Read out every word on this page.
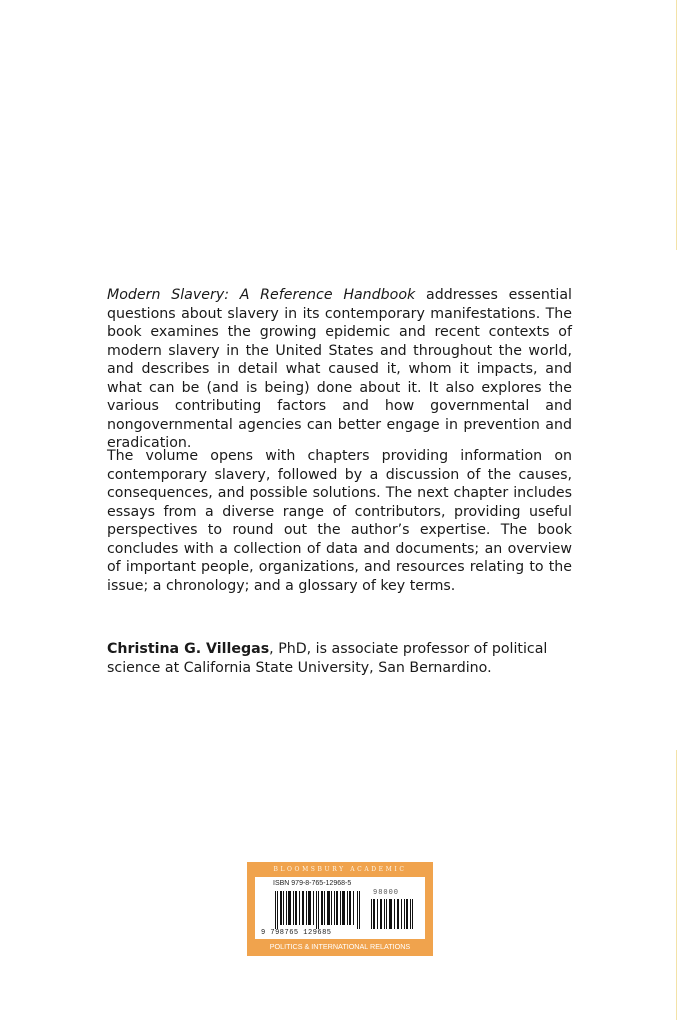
Modern Slavery: A Reference Handbook addresses essential questions about slavery in its contemporary manifestations. The book examines the growing epidemic and recent contexts of modern slavery in the United States and throughout the world, and describes in detail what caused it, whom it impacts, and what can be (and is being) done about it. It also explores the various contributing factors and how governmental and nongovernmental agencies can better engage in prevention and eradication.

The volume opens with chapters providing information on contemporary slavery, followed by a discussion of the causes, consequences, and possible solutions. The next chapter includes essays from a diverse range of contributors, providing useful perspectives to round out the author’s expertise. The book concludes with a collection of data and documents; an overview of important people, organizations, and resources relating to the issue; a chronology; and a glossary of key terms.

Christina G. Villegas, PhD, is associate professor of political science at California State University, San Bernardino.

BLOOMSBURY ACADEMIC
ISBN 979-8-765-12968-5
98000
9 798765 129685
POLITICS & INTERNATIONAL RELATIONS
